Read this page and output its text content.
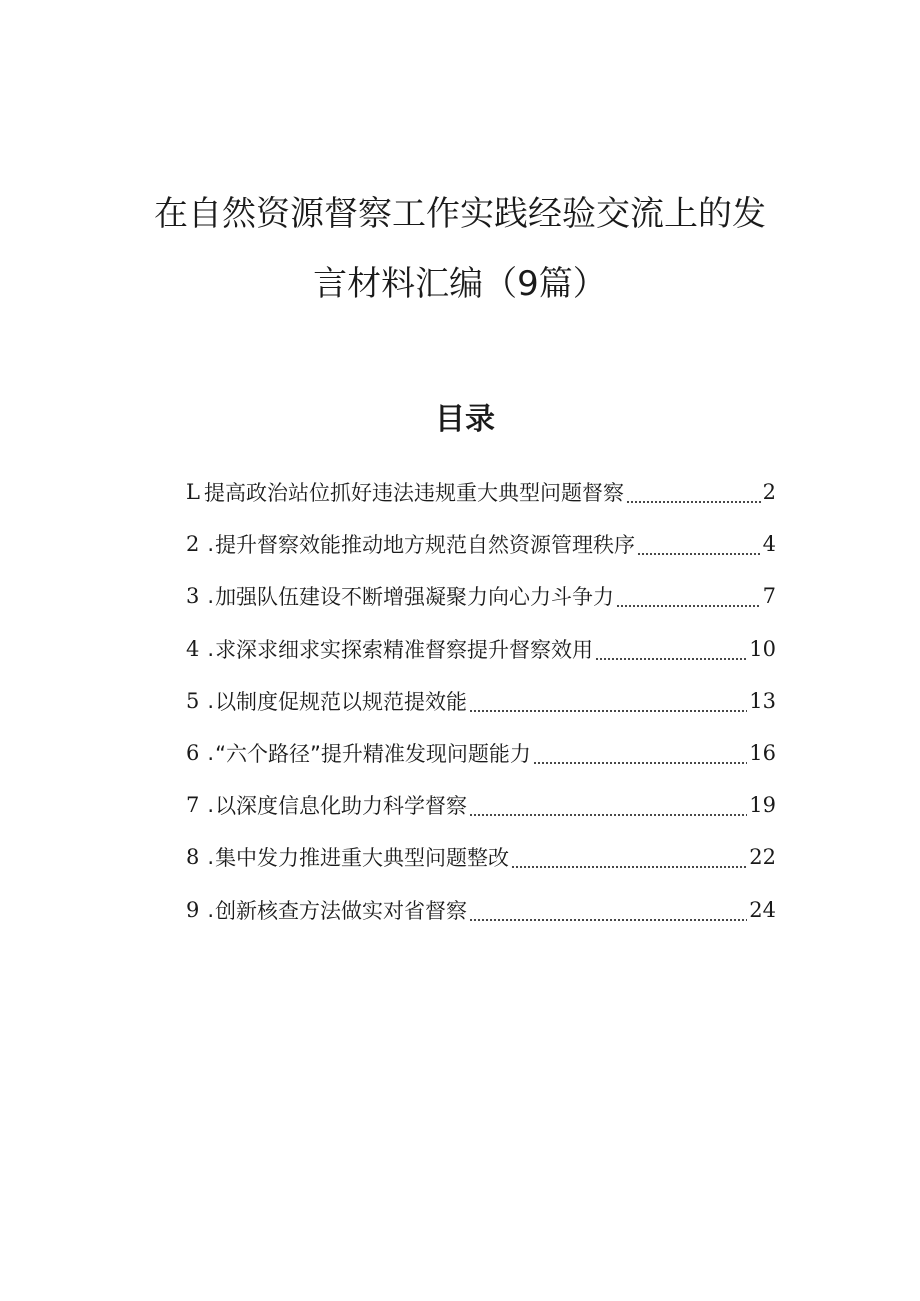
在自然资源督察工作实践经验交流上的发
言材料汇编（9篇）
目录
L 提高政治站位抓好违法违规重大典型问题督察	2
2 . 提升督察效能推动地方规范自然资源管理秩序	4
3 . 加强队伍建设不断增强凝聚力向心力斗争力	7
4 . 求深求细求实探索精准督察提升督察效用	10
5 . 以制度促规范以规范提效能	13
6 . “六个路径”提升精准发现问题能力	16
7 . 以深度信息化助力科学督察	19
8 . 集中发力推进重大典型问题整改	22
9 . 创新核查方法做实对省督察	24
